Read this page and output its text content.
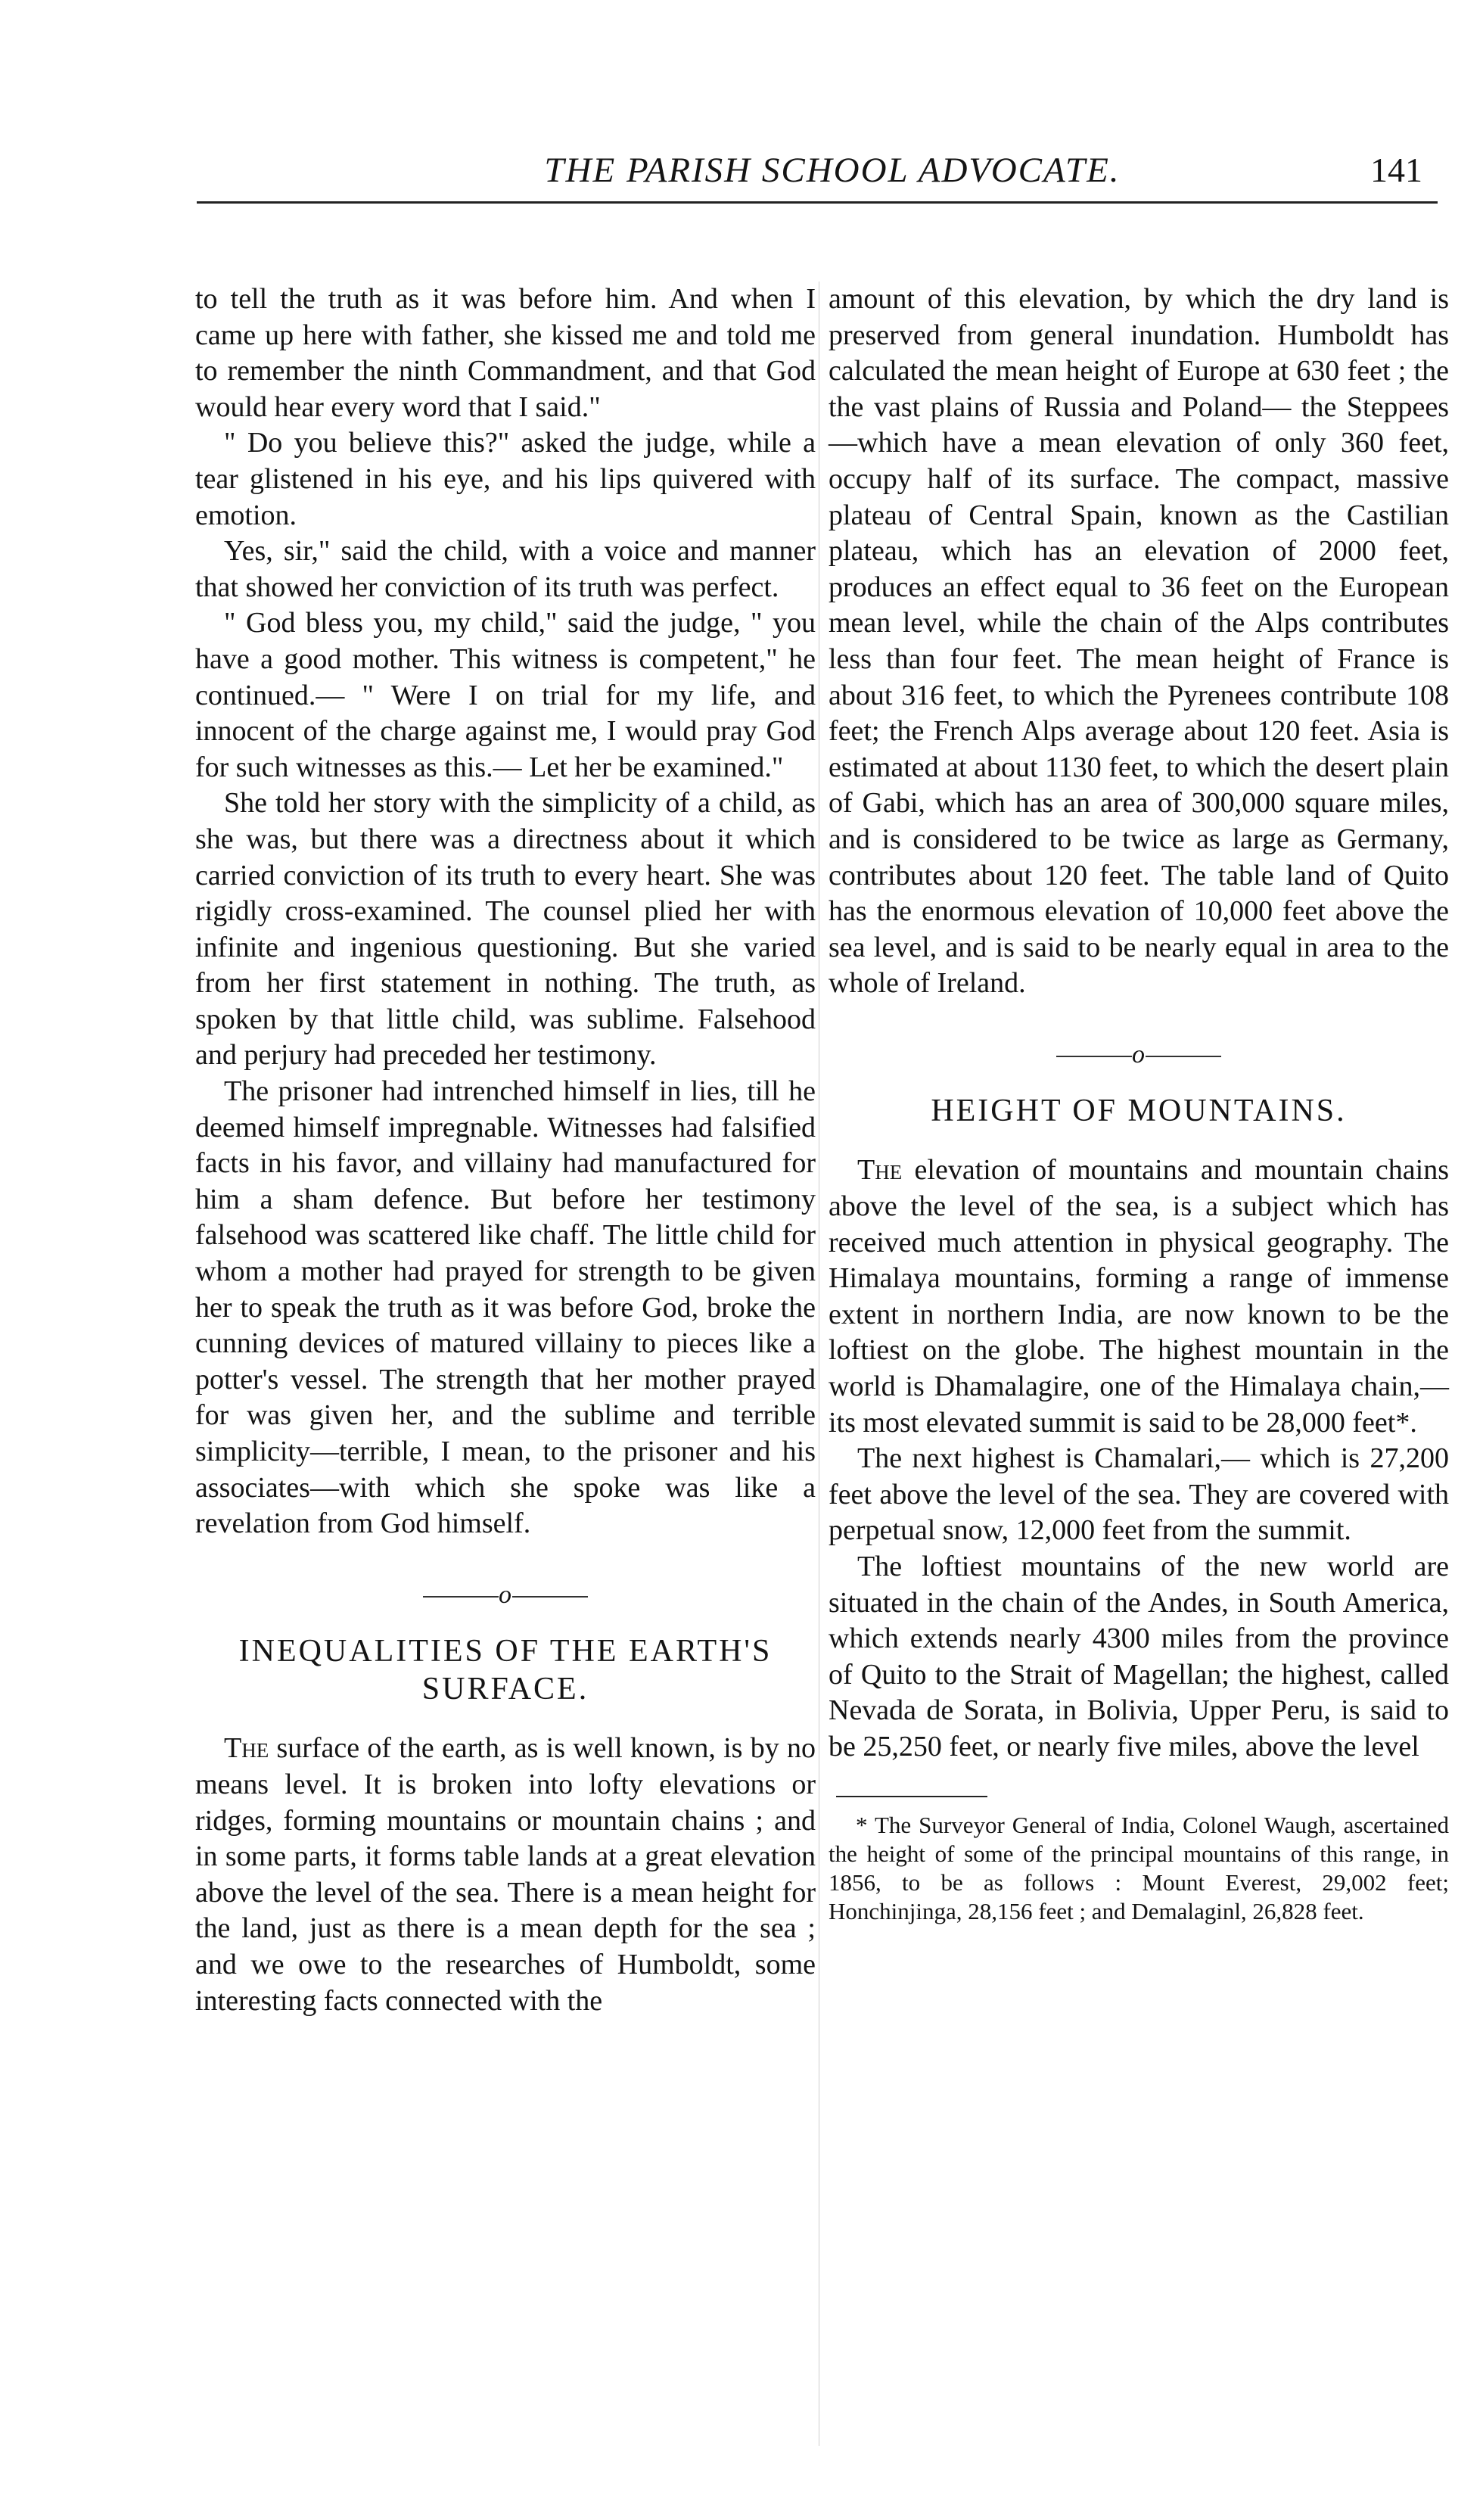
THE PARISH SCHOOL ADVOCATE.	141

to tell the truth as it was before him. And when I came up here with father, she kissed me and told me to remember the ninth Commandment, and that God would hear every word that I said."

" Do you believe this?" asked the judge, while a tear glistened in his eye, and his lips quivered with emotion.

Yes, sir," said the child, with a voice and manner that showed her conviction of its truth was perfect.

" God bless you, my child," said the judge, " you have a good mother. This witness is competent," he continued.— " Were I on trial for my life, and innocent of the charge against me, I would pray God for such witnesses as this.— Let her be examined."

She told her story with the simplicity of a child, as she was, but there was a directness about it which carried conviction of its truth to every heart. She was rigidly cross-examined. The counsel plied her with infinite and ingenious questioning. But she varied from her first statement in nothing. The truth, as spoken by that little child, was sublime. Falsehood and perjury had preceded her testimony.

The prisoner had intrenched himself in lies, till he deemed himself impregnable. Witnesses had falsified facts in his favor, and villainy had manufactured for him a sham defence. But before her testimony falsehood was scattered like chaff. The little child for whom a mother had prayed for strength to be given her to speak the truth as it was before God, broke the cunning devices of matured villainy to pieces like a potter's vessel. The strength that her mother prayed for was given her, and the sublime and terrible simplicity—terrible, I mean, to the prisoner and his associates—with which she spoke was like a revelation from God himself.

o
INEQUALITIES OF THE EARTH'S SURFACE.

The surface of the earth, as is well known, is by no means level. It is broken into lofty elevations or ridges, forming mountains or mountain chains ; and in some parts, it forms table lands at a great elevation above the level of the sea. There is a mean height for the land, just as there is a mean depth for the sea ; and we owe to the researches of Humboldt, some interesting facts connected with the

amount of this elevation, by which the dry land is preserved from general inundation. Humboldt has calculated the mean height of Europe at 630 feet ; the the vast plains of Russia and Poland— the Steppees—which have a mean elevation of only 360 feet, occupy half of its surface. The compact, massive plateau of Central Spain, known as the Castilian plateau, which has an elevation of 2000 feet, produces an effect equal to 36 feet on the European mean level, while the chain of the Alps contributes less than four feet. The mean height of France is about 316 feet, to which the Pyrenees contribute 108 feet; the French Alps average about 120 feet. Asia is estimated at about 1130 feet, to which the desert plain of Gabi, which has an area of 300,000 square miles, and is considered to be twice as large as Germany, contributes about 120 feet. The table land of Quito has the enormous elevation of 10,000 feet above the sea level, and is said to be nearly equal in area to the whole of Ireland.

o
HEIGHT OF MOUNTAINS.

The elevation of mountains and mountain chains above the level of the sea, is a subject which has received much attention in physical geography. The Himalaya mountains, forming a range of immense extent in northern India, are now known to be the loftiest on the globe. The highest mountain in the world is Dhamalagire, one of the Himalaya chain,—its most elevated summit is said to be 28,000 feet*.

The next highest is Chamalari,— which is 27,200 feet above the level of the sea. They are covered with perpetual snow, 12,000 feet from the summit.

The loftiest mountains of the new world are situated in the chain of the Andes, in South America, which extends nearly 4300 miles from the province of Quito to the Strait of Magellan; the highest, called Nevada de Sorata, in Bolivia, Upper Peru, is said to be 25,250 feet, or nearly five miles, above the level

* The Surveyor General of India, Colonel Waugh, ascertained the height of some of the principal mountains of this range, in 1856, to be as follows : Mount Everest, 29,002 feet; Honchinjinga, 28,156 feet ; and Demalaginl, 26,828 feet.
